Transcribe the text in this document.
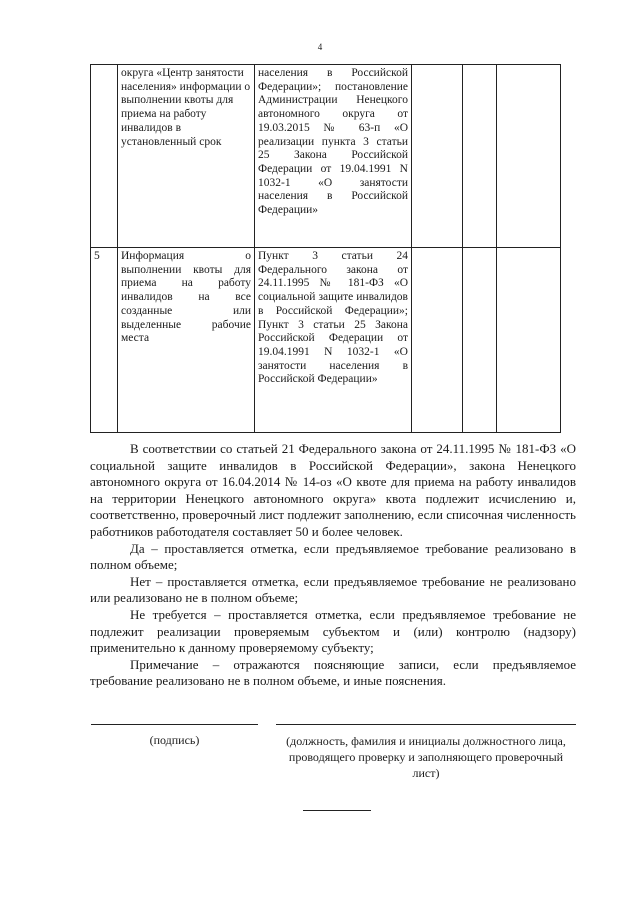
4
	округа «Центр занятости населения» информации о выполнении квоты для приема на работу инвалидов в установленный срок	населения в Российской Федерации»; постановление Администрации Ненецкого автономного округа от 19.03.2015 № 63-п «О реализации пункта 3 статьи 25 Закона Российской Федерации от 19.04.1991 N 1032-1 «О занятости населения в Российской Федерации»			
5	Информация о выполнении квоты для приема на работу инвалидов на все созданные или выделенные рабочие места	Пункт 3 статьи 24 Федерального закона от 24.11.1995 № 181-ФЗ «О социальной защите инвалидов в Российской Федерации»; Пункт 3 статьи 25 Закона Российской Федерации от 19.04.1991 N 1032-1 «О занятости населения в Российской Федерации»			

В соответствии со статьей 21 Федерального закона от 24.11.1995 № 181-ФЗ «О социальной защите инвалидов в Российской Федерации», закона Ненецкого автономного округа от 16.04.2014 № 14-оз «О квоте для приема на работу инвалидов на территории Ненецкого автономного округа» квота подлежит исчислению и, соответственно, проверочный лист подлежит заполнению, если списочная численность работников работодателя составляет 50 и более человек.

Да – проставляется отметка, если предъявляемое требование реализовано в полном объеме;

Нет – проставляется отметка, если предъявляемое требование не реализовано или реализовано не в полном объеме;

Не требуется – проставляется отметка, если предъявляемое требование не подлежит реализации проверяемым субъектом и (или) контролю (надзору) применительно к данному проверяемому субъекту;

Примечание – отражаются поясняющие записи, если предъявляемое требование реализовано не в полном объеме, и иные пояснения.

(подпись)	(должность, фамилия и инициалы должностного лица, проводящего проверку и заполняющего проверочный лист)
